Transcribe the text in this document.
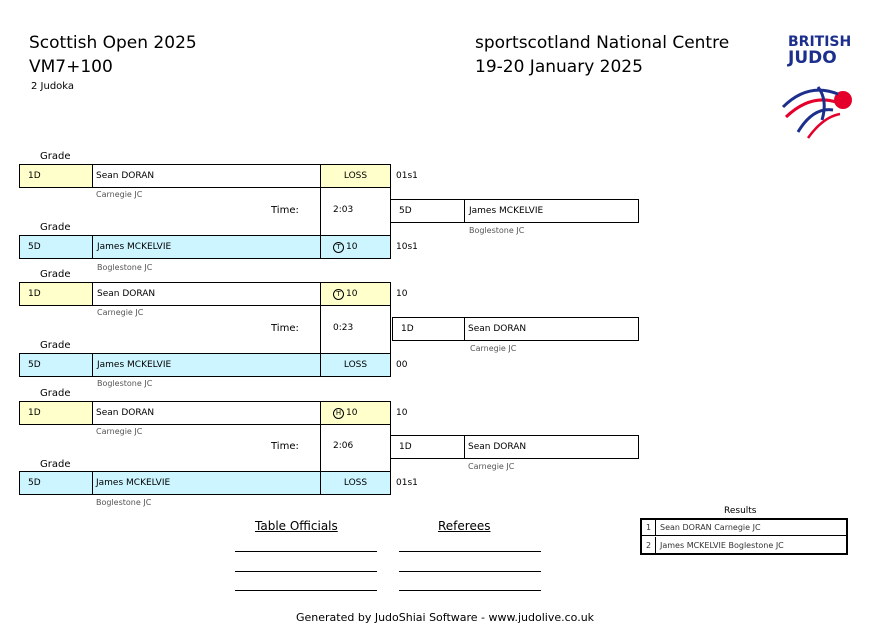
Scottish Open 2025
VM7+100
2 Judoka
sportscotland National Centre
19-20 January 2025
BRITISH
JUDO
Grade
1D	Sean DORAN	LOSS	01s1
Carnegie JC
Time:	2:03	5D	James MCKELVIE
Boglestone JC
Grade
5D	James MCKELVIE	T 10	10s1
Boglestone JC
Grade
1D	Sean DORAN	T 10	10
Carnegie JC
Time:	0:23	1D	Sean DORAN
Carnegie JC
Grade
5D	James MCKELVIE	LOSS	00
Boglestone JC
Grade
1D	Sean DORAN	H 10	10
Carnegie JC
Time:	2:06	1D	Sean DORAN
Carnegie JC
Grade
5D	James MCKELVIE	LOSS	01s1
Boglestone JC
Results
1	Sean DORAN Carnegie JC
2	James MCKELVIE Boglestone JC
Table Officials	Referees
Generated by JudoShiai Software - www.judolive.co.uk
